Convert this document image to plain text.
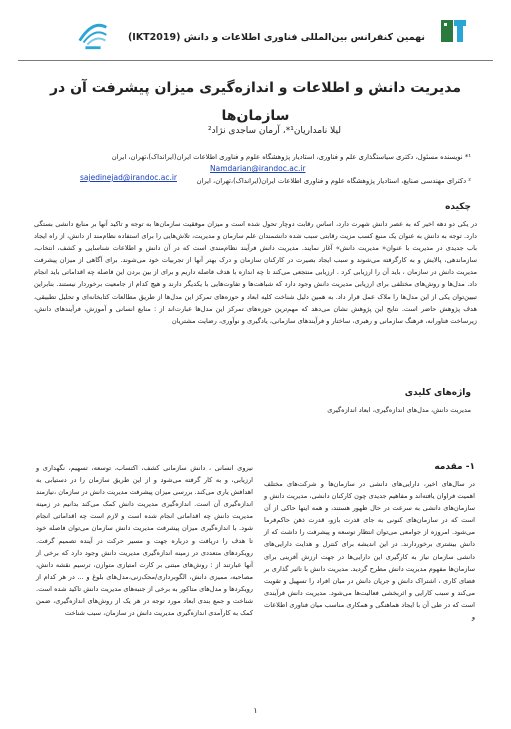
نهمین کنفرانس بین‌المللی فناوری اطلاعات و دانش (IKT2019)
مدیریت دانش و اطلاعات و اندازه‌گیری میزان پیشرفت آن در سازمان‌ها
لیلا نامداریان¹*، آرمان ساجدی نژاد²
¹* نویسنده مسئول، دکتری سیاستگذاری علم و فناوری، استادیار پژوهشگاه علوم و فناوری اطلاعات ایران(ایرانداک)،تهران، ایران
Namdarian@irandoc.ac.ir
² دکترای مهندسی صنایع، استادیار پژوهشگاه علوم و فناوری اطلاعات ایران(ایرانداک)،تهران، ایران
sajedinejad@irandoc.ac.ir
چکیده
در یکی دو دهه اخیر که به عصر دانش شهرت دارد، اساس رقابت دوچار تحول شده است و میزان موفقیت سازمان‌ها به توجه و تاکید آنها بر منابع دانشی بستگی دارد. توجه به دانش به عنوان یک منبع کسب مزیت رقابتی سبب شده دانشمندان علم سازمان و مدیریت، تلاش‌هایی را برای استفاده نظام‌مند از دانش، از راه ایجاد باب جدیدی در مدیریت با عنوان« مدیریت دانش» آغاز نمایند. مدیریت دانش فرآیند نظام‌مندی است که در آن دانش و اطلاعات شناسایی و کشف، انتخاب، سازماندهی، پالایش و به کارگرفته می‌شوند و سبب ایجاد بصیرت در کارکنان سازمان و درک بهتر آنها از تجربیات خود می‌شوند. برای آگاهی از میزان پیشرفت مدیریت دانش در سازمان ، باید آن را ارزیابی کرد . ارزیابی منتجعی می‌کند تا چه اندازه با هدف فاصله داریم و برای از بین بردن این فاصله چه اقداماتی باید انجام داد. مدل‌ها و روش‌های مختلفی برای ارزیابی مدیریت دانش وجود دارد که شباهت‌ها و تفاوت‌هایی با یکدیگر دارند و هیچ کدام از جامعیت برخوردار نیستند. بنابراین تبیین‌توان یکی از این مدل‌ها را ملاک عمل قرار داد. به همین دلیل شناخت کلیه ابعاد و حوزه‌های تمرکز این مدل‌ها از طریق مطالعات کتابخانه‌ای و تحلیل تطبیقی، هدف پژوهش حاضر است. نتایج این پژوهش نشان می‌دهد که مهم‌ترین حوزه‌های تمرکز این مدل‌ها عبارت‌اند از : منابع انسانی و آموزش، فرآیندهای دانش، زیرساخت فناورانه، فرهنگ سازمانی و رهبری، ساختار و فرآیندهای سازمانی، یادگیری و نوآوری، رضایت مشتریان
واژه‌های کلیدی
مدیریت دانش، مدل‌های اندازه‌گیری، ابعاد اندازه‌گیری
۱- مقدمه
در سال‌های اخیر، دارایی‌های دانشی در سازمان‌ها و شرکت‌های مختلف اهمیت فراوان یافته‌اند و مفاهیم جدیدی چون کارکنان دانشی، مدیریت دانش و سازمان‌های دانشی به سرعت در حال ظهور هستند، و همه اینها حاکی از آن است که در سازمان‌های کنونی به جای قدرت بازو، قدرت ذهن حاکم‌فرما می‌شود. امروزه از جوامعی می‌توان انتظار توسعه و پیشرفت را داشت که از دانش بیشتری برخوردارند. در این اندیشه برای کنترل و هدایت دارایی‌های دانشی سازمان نیاز به کارگیری این دارایی‌ها در جهت ارزش آفرینی برای سازمان‌ها مفهوم مدیریت دانش مطرح گردید. مدیریت دانش با تاثیر گذاری بر فضای کاری ، اشتراک دانش و جریان دانش در میان افراد را تسهیل و تقویت می‌کند و سبب کارایی و اثربخشی فعالیت‌ها می‌شود. مدیریت دانش فرآیندی است که در طی آن با ایجاد هماهنگی و همکاری مناسب میان فناوری اطلاعات و
نیروی انسانی ، دانش سازمانی کشف، اکتساب، توسعه، تسهیم، نگهداری و ارزیابی، و به کار گرفته می‌شود و از این طریق سازمان را در دستیابی به اهدافش یاری می‌کند. بررسی میزان پیشرفت مدیریت دانش در سازمان ،نیازمند اندازه‌گیری آن است. اندازه‌گیری مدیریت دانش کمک می‌کند بدانیم در زمینه مدیریت دانش چه اقداماتی انجام شده است و لازم است چه اقداماتی انجام شود. با اندازه‌گیری میزان پیشرفت مدیریت دانش سازمان می‌توان فاصله خود تا هدف را دریافت و درباره جهت و مسیر حرکت در آینده تصمیم گرفت. رویکردهای متعددی در زمینه اندازه‌گیری مدیریت دانش وجود دارد که برخی از آنها عبارتند از : روش‌های مبتنی بر کارت امتیازی متوازن، ترسیم نقشه دانش، مصاحبه، ممیزی دانش، الگوبرداری/محک‌زنی،مدل‌های بلوغ و ... در هر کدام از رویکردها و مدل‌های متاکور به برخی از جنبه‌های مدیریت دانش تاکید شده است. شناخت و جمع بندی ابعاد مورد توجه در هر یک از روش‌های اندازه‌گیری، ضمن کمک به کارآمدی اندازه‌گیری مدیریت دانش در سازمان، سبب شناخت
۱
